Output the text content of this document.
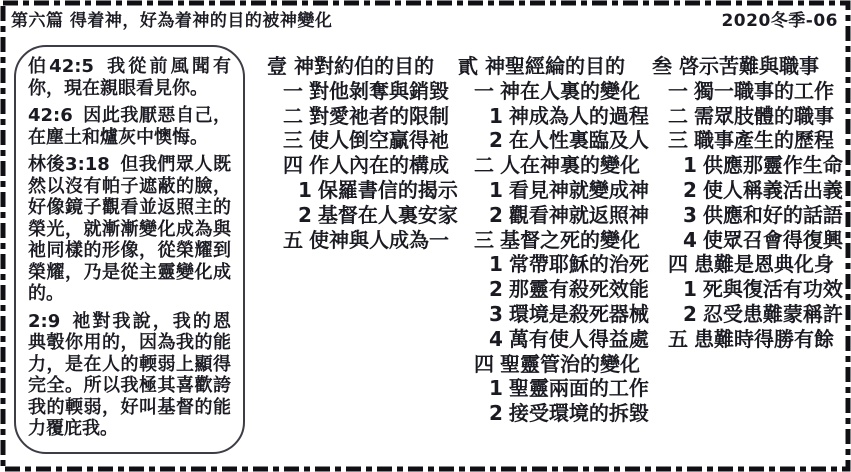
第六篇 得着神，好為着神的目的被神變化	2020冬季-06

伯42:5 我從前風聞有你，現在親眼看見你。

42:6 因此我厭惡自己，在塵土和爐灰中懊悔。

林後3:18 但我們眾人既然以沒有帕子遮蔽的臉，好像鏡子觀看並返照主的榮光，就漸漸變化成為與祂同樣的形像，從榮耀到榮耀，乃是從主靈變化成的。

2:9 祂對我說，我的恩典彀你用的，因為我的能力，是在人的輭弱上顯得完全。所以我極其喜歡誇我的輭弱，好叫基督的能力覆庇我。

壹 神對約伯的目的
一 對他剝奪與銷毀
二 對愛祂者的限制
三 使人倒空贏得祂
四 作人內在的構成
1 保羅書信的揭示
2 基督在人裏安家
五 使神與人成為一
貳 神聖經綸的目的
一 神在人裏的變化
1 神成為人的過程
2 在人性裏臨及人
二 人在神裏的變化
1 看見神就變成神
2 觀看神就返照神
三 基督之死的變化
1 常帶耶穌的治死
2 那靈有殺死效能
3 環境是殺死器械
4 萬有使人得益處
四 聖靈管治的變化
1 聖靈兩面的工作
2 接受環境的拆毀
叁 啓示苦難與職事
一 獨一職事的工作
二 需眾肢體的職事
三 職事產生的歷程
1 供應那靈作生命
2 使人稱義活出義
3 供應和好的話語
4 使眾召會得復興
四 患難是恩典化身
1 死與復活有功效
2 忍受患難蒙稱許
五 患難時得勝有餘
